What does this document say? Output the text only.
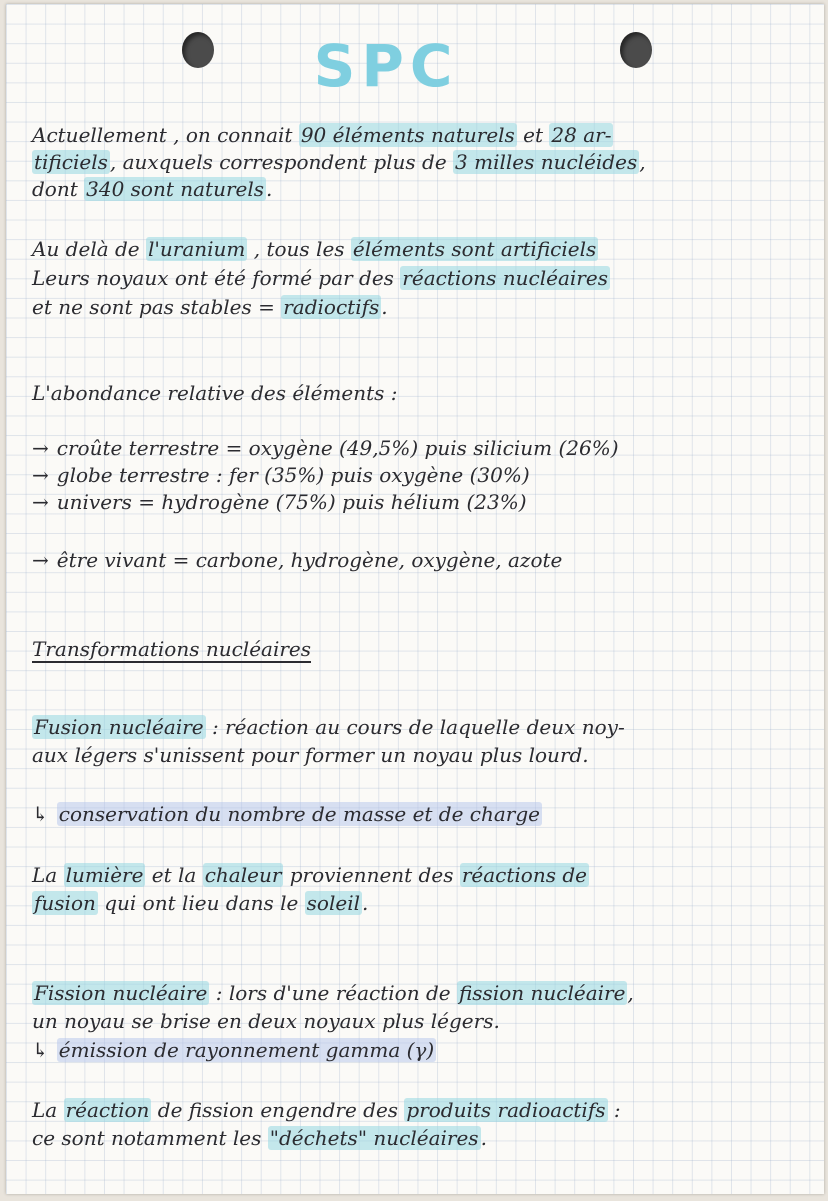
SPC
Actuellement , on connait 90 éléments naturels et 28 ar-
tificiels , auxquels correspondent plus de 3 milles nucléides ,
dont 340 sont naturels .
Au delà de l'uranium , tous les éléments sont artificiels
Leurs noyaux ont été formé par des réactions nucléaires
et ne sont pas stables = radioctifs .
L'abondance relative des éléments :
→ croûte terrestre = oxygène (49,5%) puis silicium (26%)
→ globe terrestre : fer (35%) puis oxygène (30%)
→ univers = hydrogène (75%) puis hélium (23%)
→ être vivant = carbone, hydrogène, oxygène, azote
Transformations nucléaires
Fusion nucléaire : réaction au cours de laquelle deux noy-
aux légers s'unissent pour former un noyau plus lourd.
↳ conservation du nombre de masse et de charge
La lumière et la chaleur proviennent des réactions de
fusion qui ont lieu dans le soleil .
Fission nucléaire : lors d'une réaction de fission nucléaire ,
un noyau se brise en deux noyaux plus légers.
↳ émission de rayonnement gamma (γ)
La réaction de fission engendre des produits radioactifs :
ce sont notamment les "déchets" nucléaires .
